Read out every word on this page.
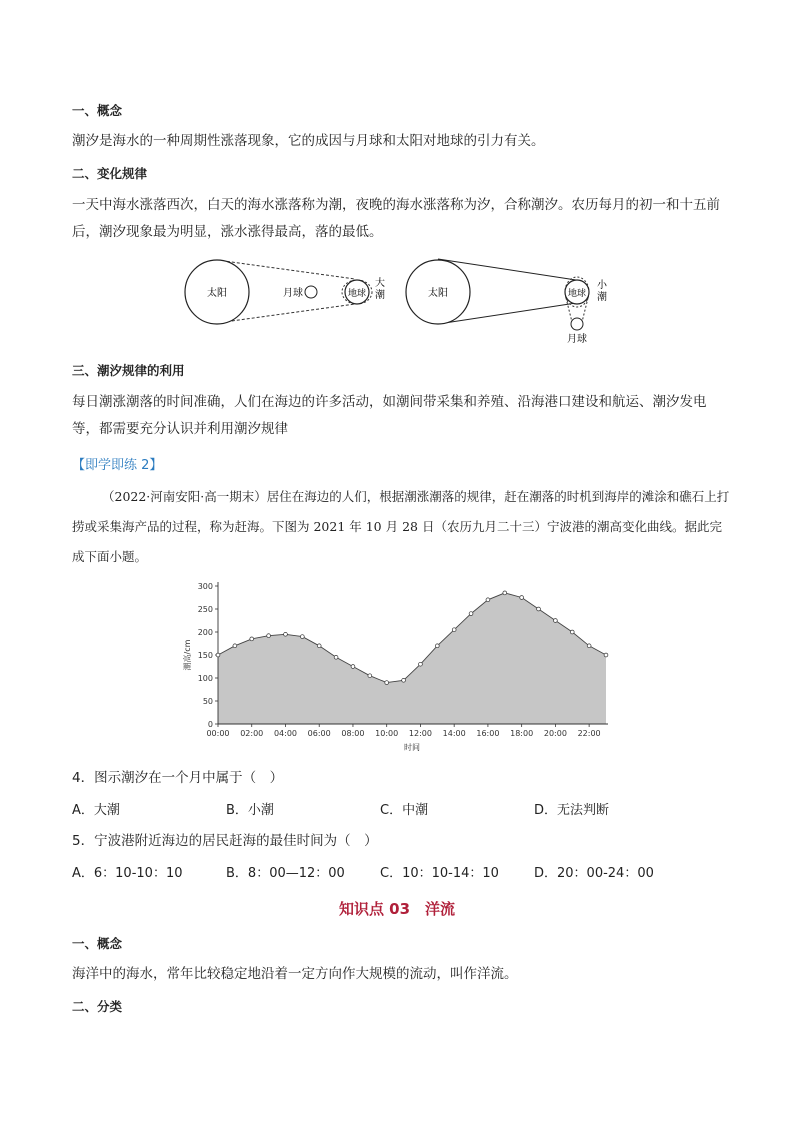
一、概念
潮汐是海水的一种周期性涨落现象，它的成因与月球和太阳对地球的引力有关。
二、变化规律
一天中海水涨落西次，白天的海水涨落称为潮，夜晚的海水涨落称为汐，合称潮汐。农历每月的初一和十五前后，潮汐现象最为明显，涨水涨得最高，落的最低。
太阳	月球	地球
大
潮	太阳	地球
月球
小
潮
三、潮汐规律的利用
每日潮涨潮落的时间准确，人们在海边的许多活动，如潮间带采集和养殖、沿海港口建设和航运、潮汐发电等，都需要充分认识并利用潮汐规律
【即学即练 2】
（2022·河南安阳·高一期末）居住在海边的人们，根据潮涨潮落的规律，赶在潮落的时机到海岸的滩涂和礁石上打捞或采集海产品的过程，称为赶海。下图为 2021 年 10 月 28 日（农历九月二十三）宁波港的潮高变化曲线。据此完成下面小题。
0
50
100
150
200
250
300
00:00 02:00 04:00 06:00 08:00 10:00 12:00 14:00 16:00 18:00 20:00 22:00
潮高/cm
时间
4．图示潮汐在一个月中属于（　）
A．大潮	B．小潮	C．中潮	D．无法判断
5．宁波港附近海边的居民赶海的最佳时间为（　）
A．6：10-10：10	B．8：00—12：00	C．10：10-14：10	D．20：00-24：00
知识点 03　洋流
一、概念
海洋中的海水，常年比较稳定地沿着一定方向作大规模的流动，叫作洋流。
二、分类
